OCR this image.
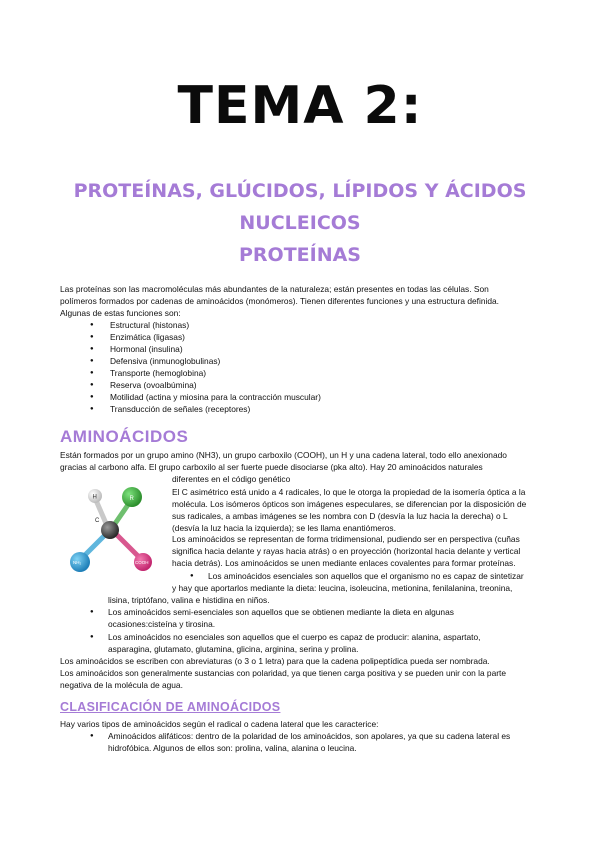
TEMA 2:
PROTEÍNAS, GLÚCIDOS, LÍPIDOS Y ÁCIDOS
NUCLEICOS
PROTEÍNAS
Las proteínas son las macromoléculas más abundantes de la naturaleza; están presentes en todas las células. Son
polímeros formados por cadenas de aminoácidos (monómeros). Tienen diferentes funciones y una estructura definida.
Algunas de estas funciones son:
● Estructural (histonas)
● Enzimática (ligasas)
● Hormonal (insulina)
● Defensiva (inmunoglobulinas)
● Transporte (hemoglobina)
● Reserva (ovoalbúmina)
● Motilidad (actina y miosina para la contracción muscular)
● Transducción de señales (receptores)
AMINOÁCIDOS
Están formados por un grupo amino (NH3), un grupo carboxilo (COOH), un H y una cadena lateral, todo ello anexionado
gracias al carbono alfa. El grupo carboxilo al ser fuerte puede disociarse (pka alto). Hay 20 aminoácidos naturales
diferentes en el código genético
H	R
C
NH₂	COOH
El C asimétrico está unido a 4 radicales, lo que le otorga la propiedad de la isomería óptica a la
molécula. Los isómeros ópticos son imágenes especulares, se diferencian por la disposición de
sus radicales, a ambas imágenes se les nombra con D (desvía la luz hacia la derecha) o L
(desvía la luz hacia la izquierda); se les llama enantiómeros.
Los aminoácidos se representan de forma tridimensional, pudiendo ser en perspectiva (cuñas
significa hacia delante y rayas hacia atrás) o en proyección (horizontal hacia delante y vertical
hacia detrás). Los aminoácidos se unen mediante enlaces covalentes para formar proteínas.
● Los aminoácidos esenciales son aquellos que el organismo no es capaz de sintetizar
y hay que aportarlos mediante la dieta: leucina, isoleucina, metionina, fenilalanina, treonina,
lisina, triptófano, valina e histidina en niños.
● Los aminoácidos semi-esenciales son aquellos que se obtienen mediante la dieta en algunas
ocasiones:cisteína y tirosina.
● Los aminoácidos no esenciales son aquellos que el cuerpo es capaz de producir: alanina, aspartato,
asparagina, glutamato, glutamina, glicina, arginina, serina y prolina.
Los aminoácidos se escriben con abreviaturas (o 3 o 1 letra) para que la cadena polipeptídica pueda ser nombrada.
Los aminoácidos son generalmente sustancias con polaridad, ya que tienen carga positiva y se pueden unir con la parte
negativa de la molécula de agua.
CLASIFICACIÓN DE AMINOÁCIDOS
Hay varios tipos de aminoácidos según el radical o cadena lateral que les caracterice:
● Aminoácidos alifáticos: dentro de la polaridad de los aminoácidos, son apolares, ya que su cadena lateral es
hidrofóbica. Algunos de ellos son: prolina, valina, alanina o leucina.
